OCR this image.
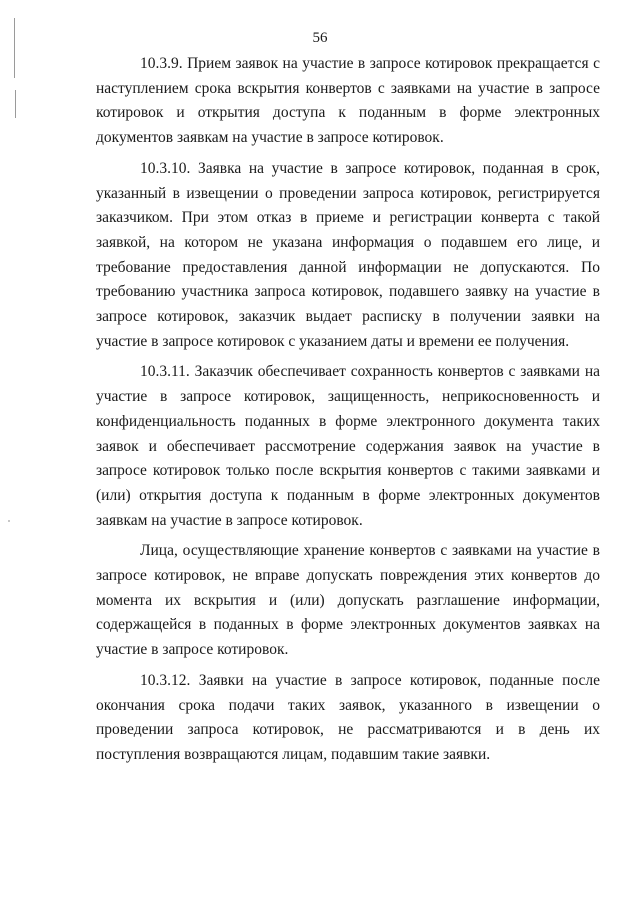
56

10.3.9. Прием заявок на участие в запросе котировок прекращается с наступлением срока вскрытия конвертов с заявками на участие в запросе котировок и открытия доступа к поданным в форме электронных документов заявкам на участие в запросе котировок.

10.3.10. Заявка на участие в запросе котировок, поданная в срок, указанный в извещении о проведении запроса котировок, регистрируется заказчиком. При этом отказ в приеме и регистрации конверта с такой заявкой, на котором не указана информация о подавшем его лице, и требование предоставления данной информации не допускаются. По требованию участника запроса котировок, подавшего заявку на участие в запросе котировок, заказчик выдает расписку в получении заявки на участие в запросе котировок с указанием даты и времени ее получения.

10.3.11. Заказчик обеспечивает сохранность конвертов с заявками на участие в запросе котировок, защищенность, неприкосновенность и конфиденциальность поданных в форме электронного документа таких заявок и обеспечивает рассмотрение содержания заявок на участие в запросе котировок только после вскрытия конвертов с такими заявками и (или) открытия доступа к поданным в форме электронных документов заявкам на участие в запросе котировок.

Лица, осуществляющие хранение конвертов с заявками на участие в запросе котировок, не вправе допускать повреждения этих конвертов до момента их вскрытия и (или) допускать разглашение информации, содержащейся в поданных в форме электронных документов заявках на участие в запросе котировок.

10.3.12. Заявки на участие в запросе котировок, поданные после окончания срока подачи таких заявок, указанного в извещении о проведении запроса котировок, не рассматриваются и в день их поступления возвращаются лицам, подавшим такие заявки.
